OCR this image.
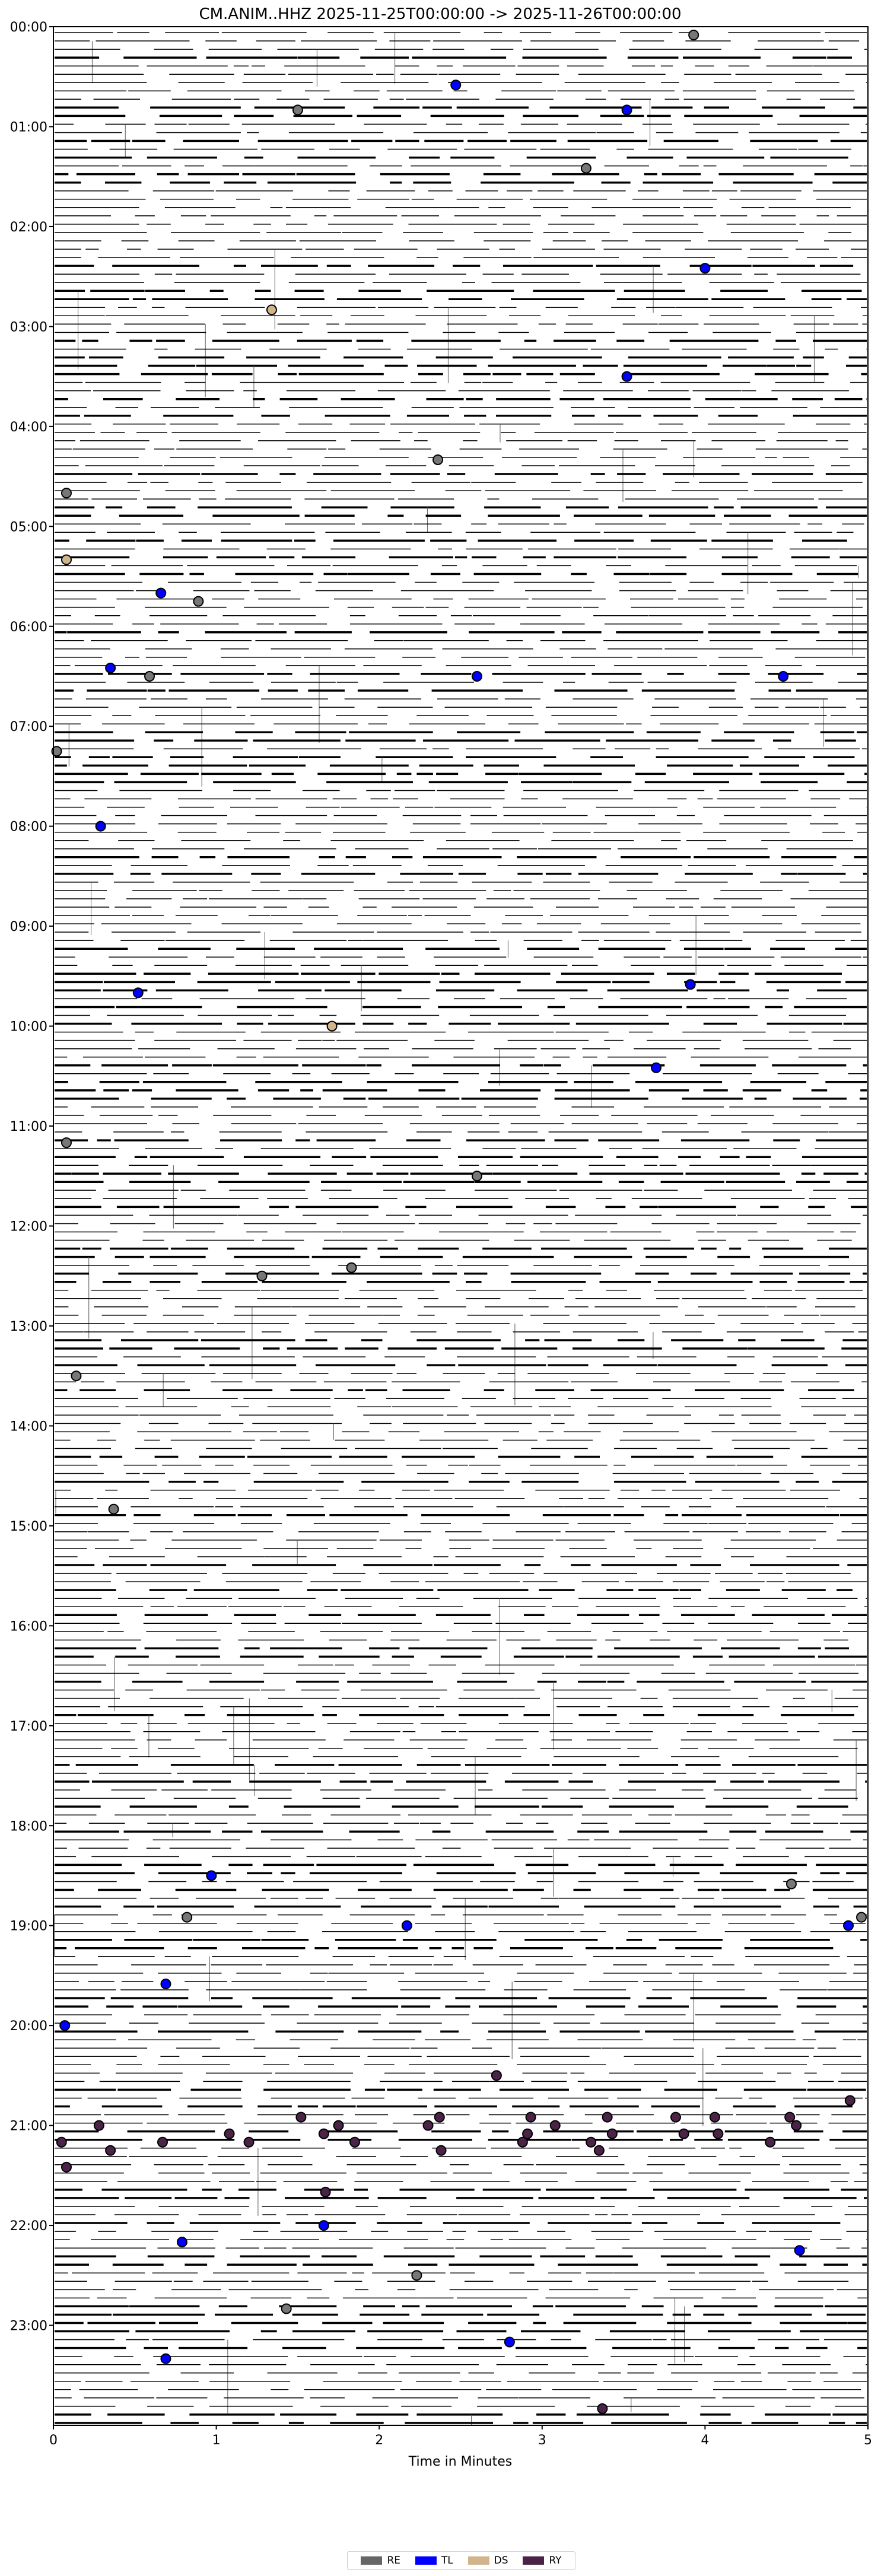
CM.ANIM..HHZ 2025-11-25T00:00:00 -> 2025-11-26T00:00:00
00:00
01:00
02:00
03:00
04:00
05:00
06:00
07:00
08:00
09:00
10:00
11:00
12:00
13:00
14:00
15:00
16:00
17:00
18:00
19:00
20:00
21:00
22:00
23:00
0	1	2	3	4	5
Time in Minutes
RE	TL	DS	RY
